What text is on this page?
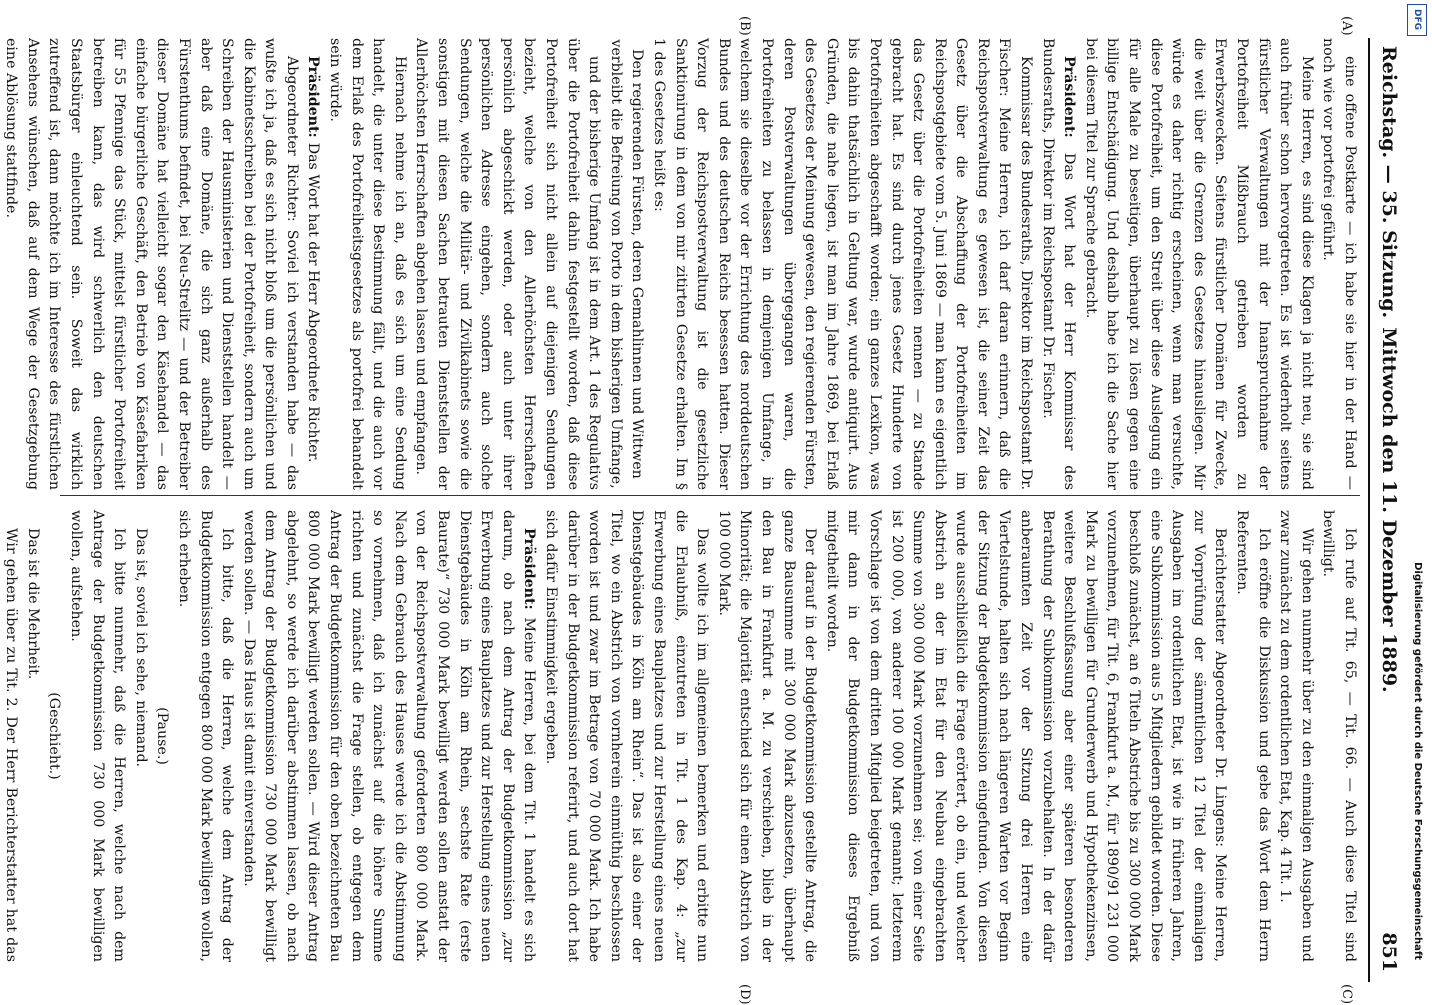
Reichstag. — 35. Sitzung.
Mittwoch den 11. Dezember 1889.
851
(A)
(B)
(C)
(D)

eine offene Postkarte — ich habe sie hier in der Hand — noch wie vor portofrei geführt.

Meine Herren, es sind diese Klagen ja nicht neu, sie sind auch früher schon hervorgetreten. Es ist wiederholt seitens fürstlicher Verwaltungen mit der Inanspruchnahme der Portofreiheit Mißbrauch getrieben worden zu Erwerbszwecken. Seitens fürstlicher Domänen für Zwecke, die weit über die Grenzen des Gesetzes hinausliegen. Mir würde es daher richtig erscheinen, wenn man versuchte, diese Portofreiheit, um den Streit über diese Auslegung ein für alle Male zu beseitigen, überhaupt zu lösen gegen eine billige Entschädigung. Und deshalb habe ich die Sache hier bei diesem Titel zur Sprache gebracht.

Präsident: Das Wort hat der Herr Kommissar des Bundesraths, Direktor im Reichspostamt Dr. Fischer.

Kommissar des Bundesraths, Direktor im Reichspostamt Dr. Fischer: Meine Herren, ich darf daran erinnern, daß die Reichspostverwaltung es gewesen ist, die seiner Zeit das Gesetz über die Abschaffung der Portofreiheiten im Reichspostgebiete vom 5. Juni 1869 — man kann es eigentlich das Gesetz über die Portofreiheiten nennen — zu Stande gebracht hat. Es sind durch jenes Gesetz Hunderte von Portofreiheiten abgeschafft worden; ein ganzes Lexikon, was bis dahin thatsächlich in Geltung war, wurde antiquirt. Aus Gründen, die nahe liegen, ist man im Jahre 1869, bei Erlaß des Gesetzes der Meinung gewesen, den regierenden Fürsten, deren Postverwaltungen übergegangen waren, die Portofreiheiten zu belassen in demjenigen Umfange, in welchem sie dieselbe vor der Errichtung des norddeutschen Bundes und des deutschen Reichs besessen hatten. Dieser Vorzug der Reichspostverwaltung ist die gesetzliche Sanktionirung in dem von mir zitirten Gesetze erhalten. Im § 1 des Gesetzes heißt es:

Den regierenden Fürsten, deren Gemahlinnen und Wittwen verbleibt die Befreiung von Porto in dem bisherigen Umfange,

und der bisherige Umfang ist in dem Art. 1 des Regulativs über die Portofreiheit dahin festgestellt worden, daß diese Portofreiheit sich nicht allein auf diejenigen Sendungen bezieht, welche von den Allerhöchsten Herrschaften persönlich abgeschickt werden, oder auch unter ihrer persönlichen Adresse eingehen, sondern auch solche Sendungen, welche die Militär- und Zivilkabinets sowie die sonstigen mit diesen Sachen betrauten Dienststellen der Allerhöchsten Herrschaften abgehen lassen und empfangen.

Hiernach nehme ich an, daß es sich um eine Sendung handelt, die unter diese Bestimmung fällt, und die auch vor dem Erlaß des Portofreiheitsgesetzes als portofrei behandelt sein würde.

Präsident: Das Wort hat der Herr Abgeordnete Richter.

Abgeordneter Richter: Soviel ich verstanden habe — das wußte ich ja, daß es sich nicht bloß um die persönlichen und die Kabinetsschreiben bei der Portofreiheit, sondern auch um Schreiben der Hausministerien und Dienststellen handelt — aber daß eine Domäne, die sich ganz außerhalb des Fürstenthums befindet, bei Neu-Strelitz — und der Betreiber dieser Domäne hat vielleicht sogar den Käsehandel — das einfache bürgerliche Geschäft, den Betrieb von Käsefabriken für 55 Pfennige das Stück, mittelst fürstlicher Portofreiheit betreiben kann, das wird schwerlich den deutschen Staatsbürger einleuchtend sein. Soweit das wirklich zutreffend ist, dann möchte ich im Interesse des fürstlichen Ansehens wünschen, daß auf dem Wege der Gesetzgebung eine Ablösung stattfinde.

Ich rufe auf Tit. 65, — Tit. 66. — Auch diese Titel sind bewilligt.

Wir gehen nunmehr über zu den einmaligen Ausgaben und zwar zunächst zu dem ordentlichen Etat, Kap. 4 Tit. 1.

Ich eröffne die Diskussion und gebe das Wort dem Herrn Referenten.

Berichterstatter Abgeordneter Dr. Lingens: Meine Herren, zur Vorprüfung der sämmtlichen 12 Titel der einmaligen Ausgaben im ordentlichen Etat, ist wie in früheren Jahren, eine Subkommission aus 5 Mitgliedern gebildet worden. Diese beschloß zunächst, an 6 Titeln Abstriche bis zu 300 000 Mark vorzunehmen, für Tit. 6, Frankfurt a. M., für 1890/91 231 000 Mark zu bewilligen für Grunderwerb und Hypothekenzinsen, weitere Beschlußfassung aber einer späteren besonderen Berathung der Subkommission vorzubehalten. In der dafür anberaumten Zeit vor der Sitzung drei Herren eine Viertelstunde, halten sich nach längeren Warten vor Beginn der Sitzung der Budgetkommission eingefunden. Von diesen wurde ausschließlich die Frage erörtert, ob ein, und welcher Abstrich an der im Etat für den Neubau eingebrachten Summe von 300 000 Mark vorzunehmen sei; von einer Seite ist 200 000, von anderer 100 000 Mark genannt; letzterem Vorschlage ist von dem dritten Mitglied beigetreten, und von mir dann in der Budgetkommission dieses Ergebniß mitgetheilt worden.

Der darauf in der Budgetkommission gestellte Antrag, die ganze Bausumme mit 300 000 Mark abzusetzen, überhaupt den Bau in Frankfurt a. M. zu verschieben, blieb in der Minorität; die Majorität entschied sich für einen Abstrich von 100 000 Mark.

Das wollte ich im allgemeinen bemerken und erbitte nun die Erlaubniß, einzutreten in Tit. 1 des Kap. 4: „zur Erwerbung eines Bauplatzes und zur Herstellung eines neuen Dienstgebäudes in Köln am Rhein“. Das ist also einer der Titel, wo ein Abstrich von vornherein einmüthig beschlossen worden ist und zwar im Betrage von 70 000 Mark. Ich habe darüber in der Budgetkommission referirt, und auch dort hat sich dafür Einstimmigkeit ergeben.

Präsident: Meine Herren, bei dem Tit. 1 handelt es sich darum, ob nach dem Antrag der Budgetkommission „zur Erwerbung eines Bauplatzes und zur Herstellung eines neuen Dienstgebäudes in Köln am Rhein, sechste Rate (erste Baurate)“ 730 000 Mark bewilligt werden sollen anstatt der von der Reichspostverwaltung geforderten 800 000 Mark. Nach dem Gebrauch des Hauses werde ich die Abstimmung so vornehmen, daß ich zunächst auf die höhere Summe richten und zunächst die Frage stellen, ob entgegen dem Antrag der Budgetkommission für den oben bezeichneten Bau 800 000 Mark bewilligt werden sollen. — Wird dieser Antrag abgelehnt, so werde ich darüber abstimmen lassen, ob nach dem Antrag der Budgetkommission 730 000 Mark bewilligt werden sollen. — Das Haus ist damit einverstanden.

Ich bitte, daß die Herren, welche dem Antrag der Budgetkommission entgegen 800 000 Mark bewilligen wollen, sich erheben.

(Pause.)

Das ist, soviel ich sehe, niemand.

Ich bitte nunmehr, daß die Herren, welche nach dem Antrage der Budgetkommission 730 000 Mark bewilligen wollen, aufstehen.

(Geschieht.)

Das ist die Mehrheit.

Wir gehen über zu Tit. 2. Der Herr Berichterstatter hat das	Digitalisierung gefördert durch die Deutsche Forschungsgemeinschaft
DFG
